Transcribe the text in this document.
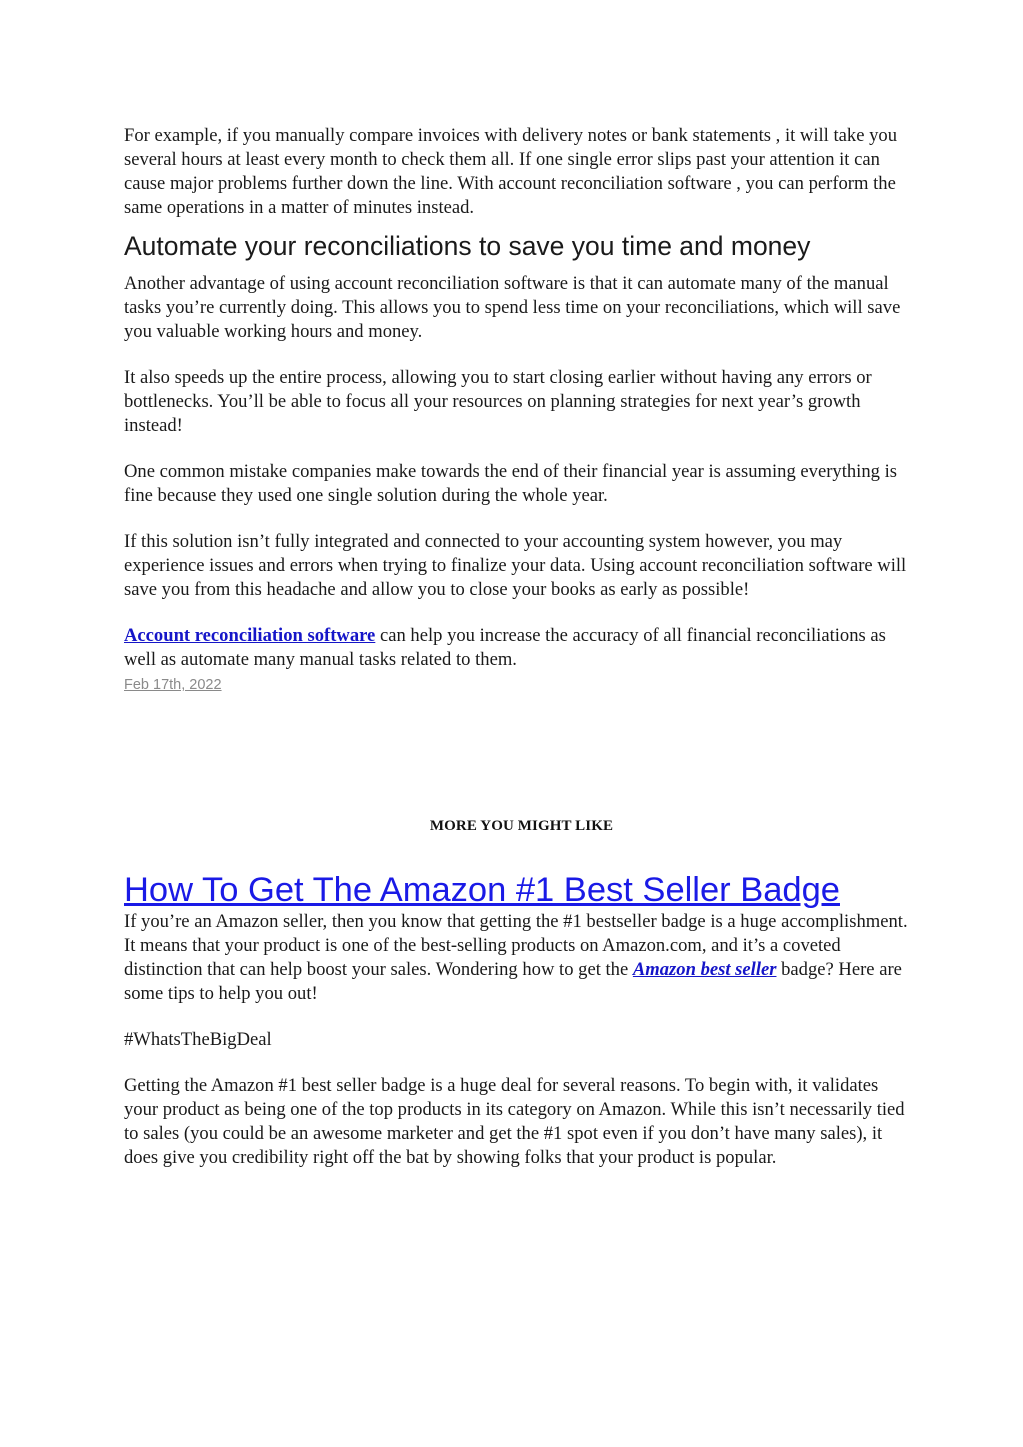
For example, if you manually compare invoices with delivery notes or bank statements , it will take you several hours at least every month to check them all. If one single error slips past your attention it can cause major problems further down the line. With account reconciliation software , you can perform the same operations in a matter of minutes instead.

Automate your reconciliations to save you time and money

Another advantage of using account reconciliation software is that it can automate many of the manual tasks you’re currently doing. This allows you to spend less time on your reconciliations, which will save you valuable working hours and money.

It also speeds up the entire process, allowing you to start closing earlier without having any errors or bottlenecks. You’ll be able to focus all your resources on planning strategies for next year’s growth instead!

One common mistake companies make towards the end of their financial year is assuming everything is fine because they used one single solution during the whole year.

If this solution isn’t fully integrated and connected to your accounting system however, you may experience issues and errors when trying to finalize your data. Using account reconciliation software will save you from this headache and allow you to close your books as early as possible!

Account reconciliation software can help you increase the accuracy of all financial reconciliations as well as automate many manual tasks related to them.

Feb 17th, 2022
MORE YOU MIGHT LIKE
How To Get The Amazon #1 Best Seller Badge

If you’re an Amazon seller, then you know that getting the #1 bestseller badge is a huge accomplishment. It means that your product is one of the best-selling products on Amazon.com, and it’s a coveted distinction that can help boost your sales. Wondering how to get the Amazon best seller badge? Here are some tips to help you out!

#WhatsTheBigDeal

Getting the Amazon #1 best seller badge is a huge deal for several reasons. To begin with, it validates your product as being one of the top products in its category on Amazon. While this isn’t necessarily tied to sales (you could be an awesome marketer and get the #1 spot even if you don’t have many sales), it does give you credibility right off the bat by showing folks that your product is popular.
